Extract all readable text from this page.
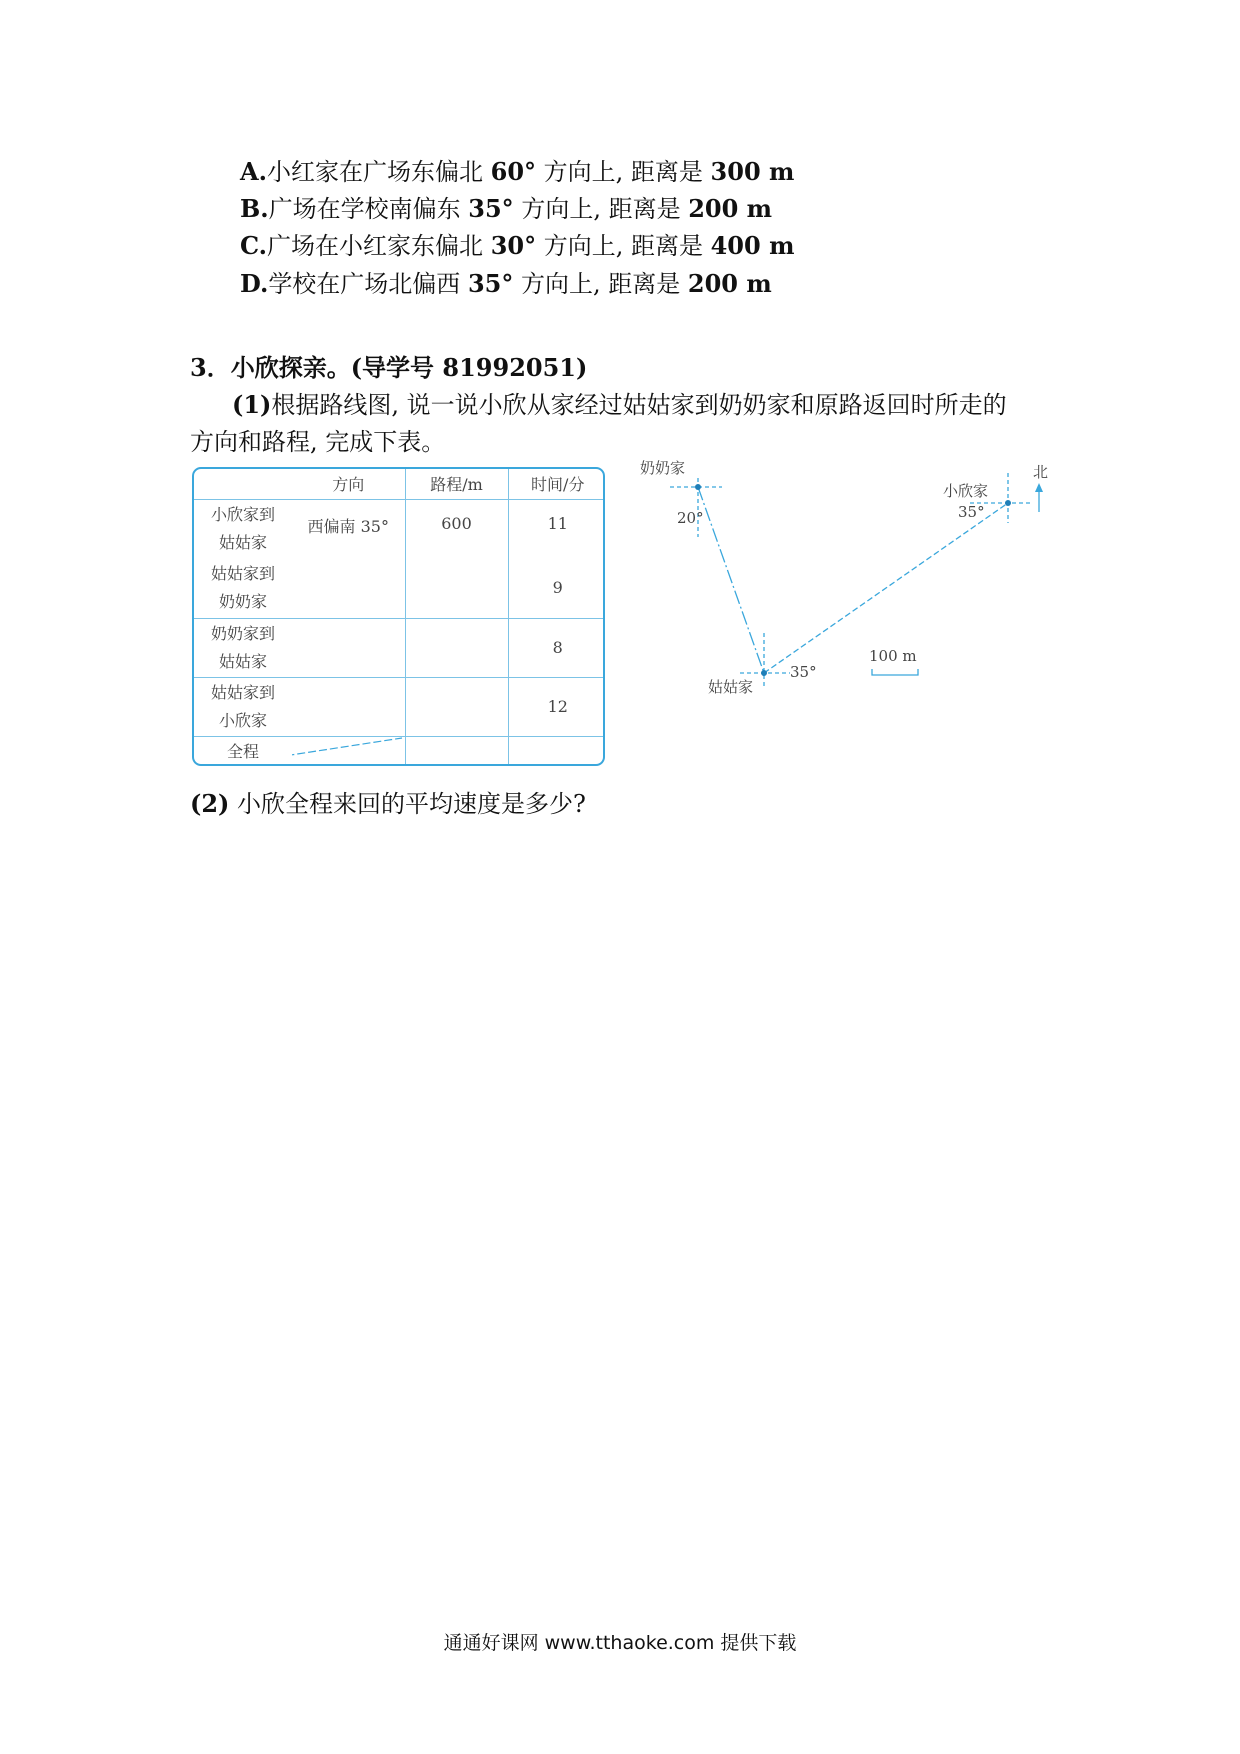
A.小红家在广场东偏北 60° 方向上, 距离是 300 m
B.广场在学校南偏东 35° 方向上, 距离是 200 m
C.广场在小红家东偏北 30° 方向上, 距离是 400 m
D.学校在广场北偏西 35° 方向上, 距离是 200 m
3．小欣探亲。(导学号 81992051)
(1)根据路线图, 说一说小欣从家经过姑姑家到奶奶家和原路返回时所走的
方向和路程, 完成下表。
	方向	路程/m	时间/分
小欣家到
姑姑家	西偏南 35°	600	11
姑姑家到
奶奶家			9
奶奶家到
姑姑家			8
姑姑家到
小欣家			12
全程	

奶奶家
20°
小欣家
35°
北
35°
姑姑家
100 m
(2) 小欣全程来回的平均速度是多少?
通通好课网 www.tthaoke.com 提供下载
